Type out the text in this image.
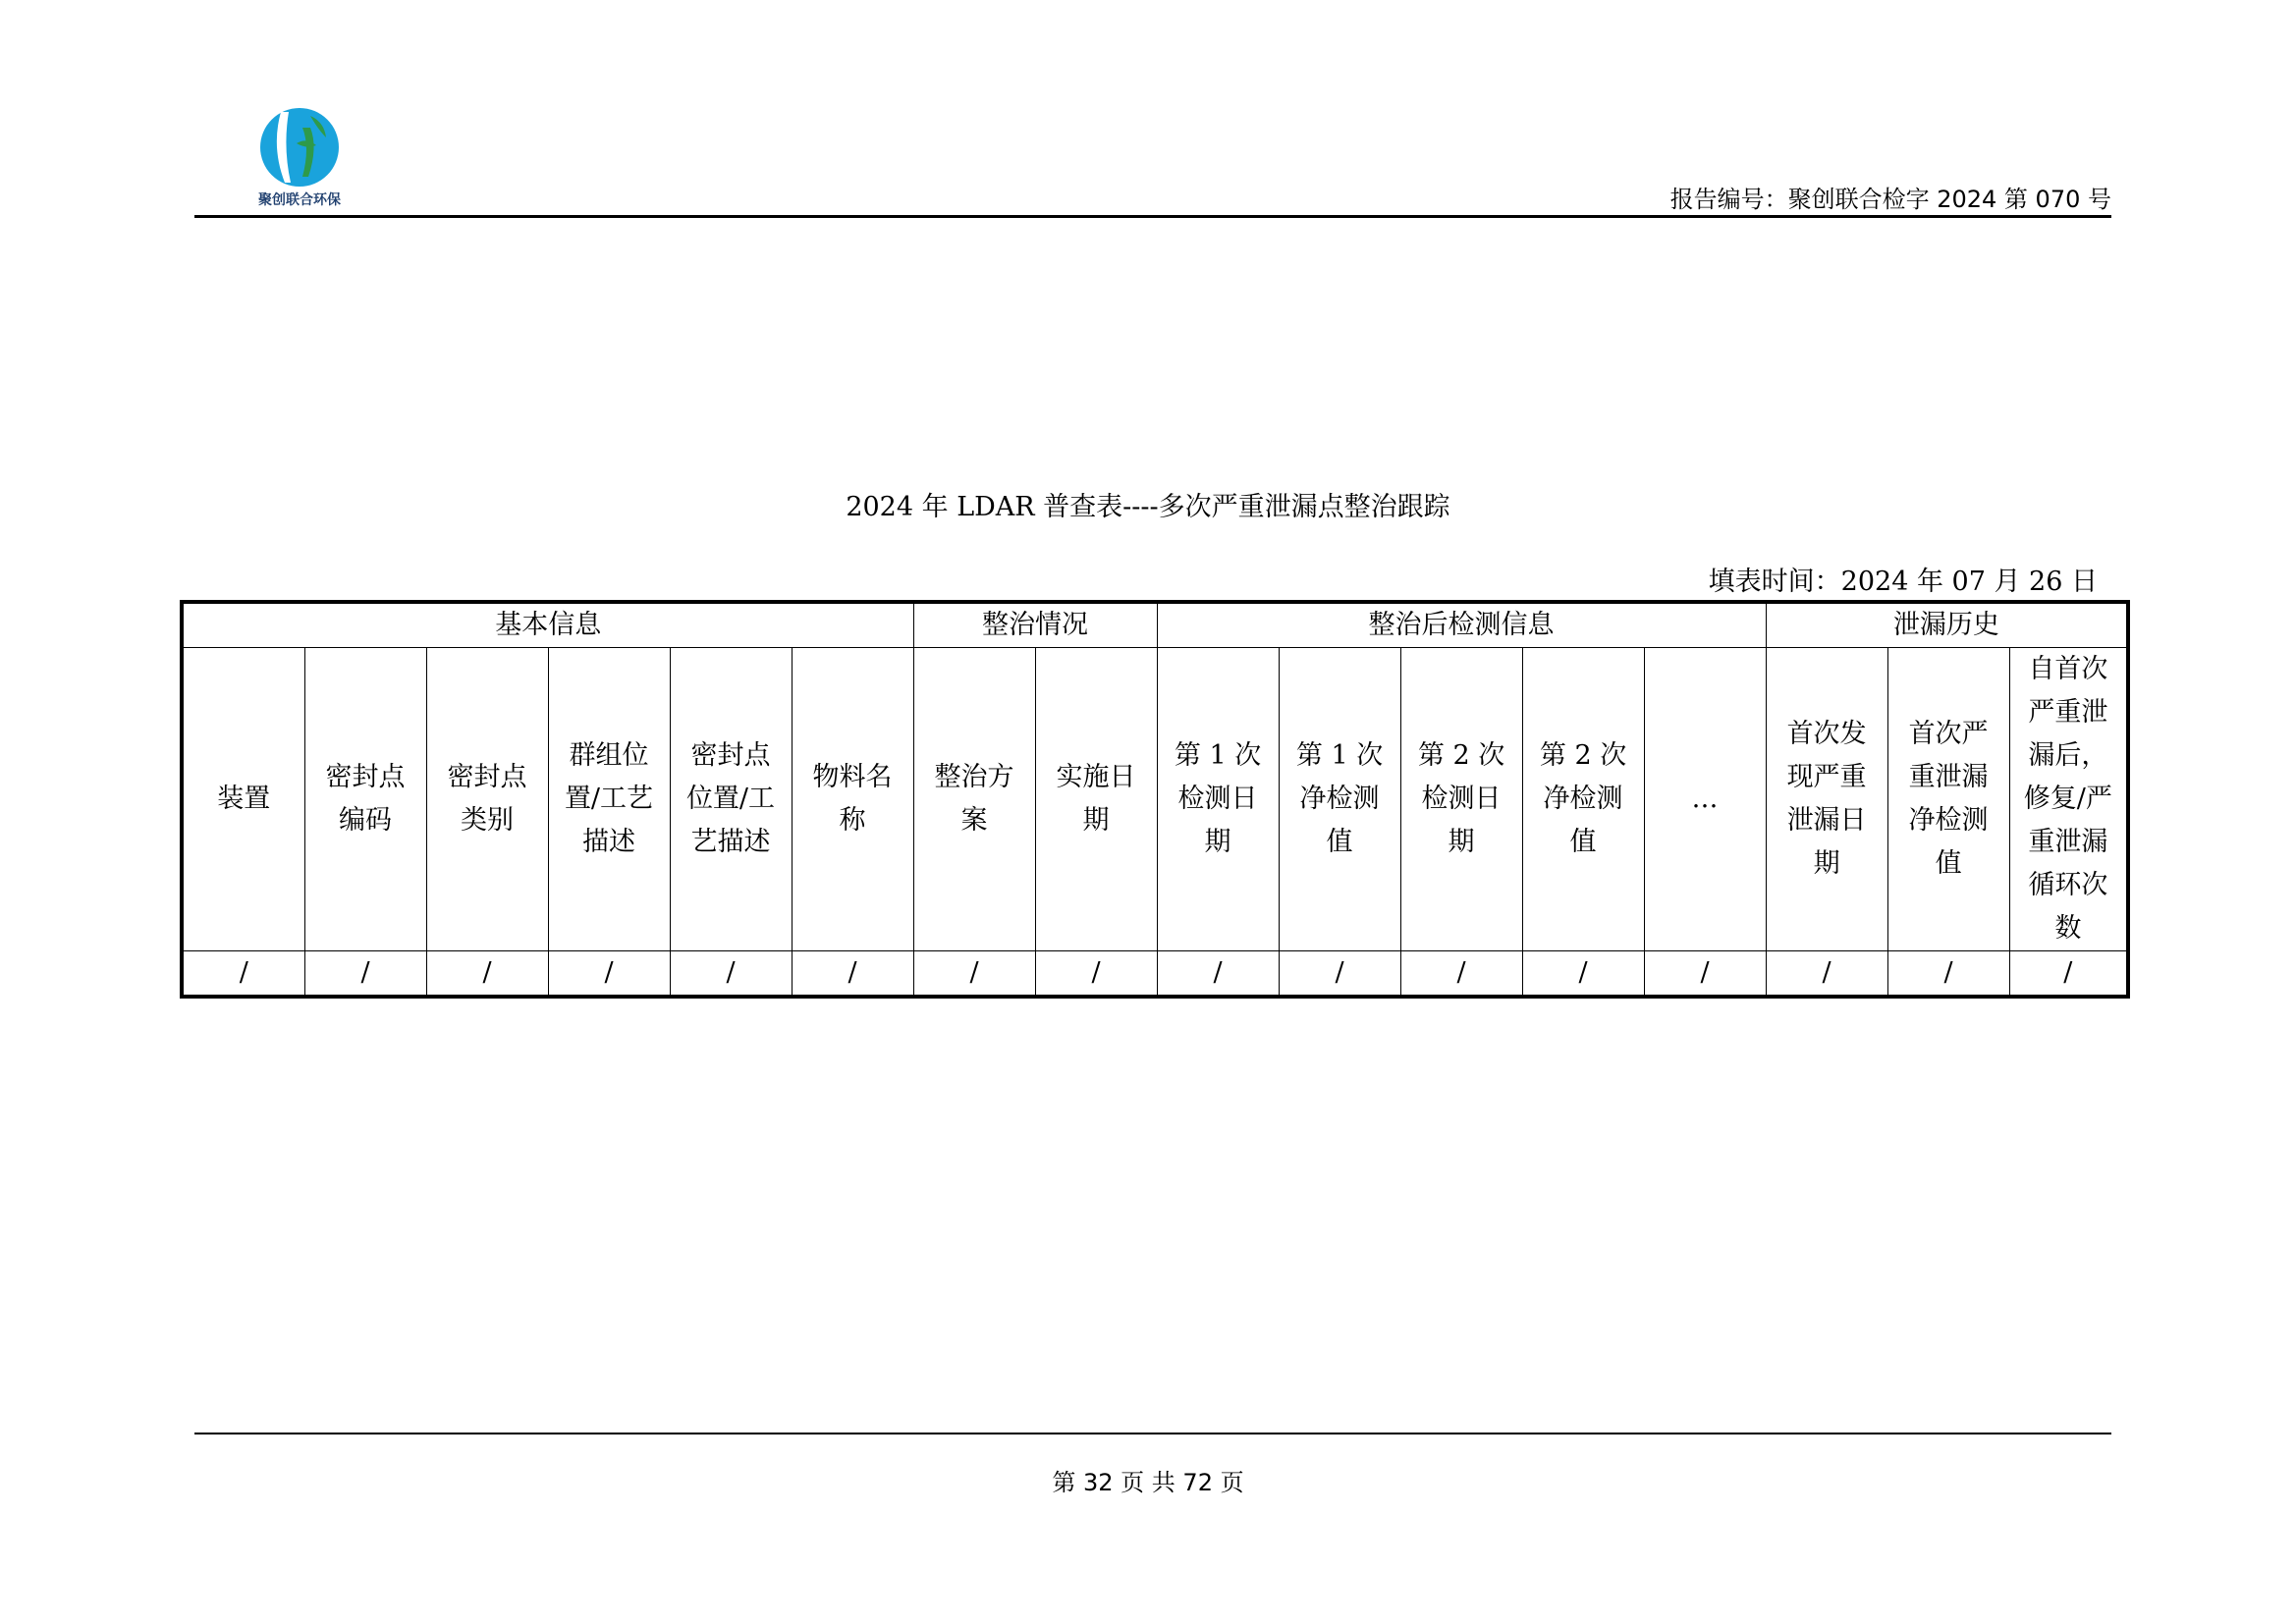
聚创联合环保	报告编号：聚创联合检字 2024 第 070 号
2024 年 LDAR 普查表----多次严重泄漏点整治跟踪
填表时间：2024 年 07 月 26 日
基本信息						整治情况		整治后检测信息					泄漏历史		
装置	密封点编码	密封点类别	群组位置/工艺描述	密封点位置/工艺描述	物料名称	整治方案	实施日期	第 1 次检测日期	第 1 次净检测值	第 2 次检测日期	第 2 次净检测值	…	首次发现严重泄漏日期	首次严重泄漏净检测值	自首次严重泄漏后，修复/严重泄漏循环次数
/	/	/	/	/	/	/	/	/	/	/	/	/	/	/	/
第 32 页 共 72 页
